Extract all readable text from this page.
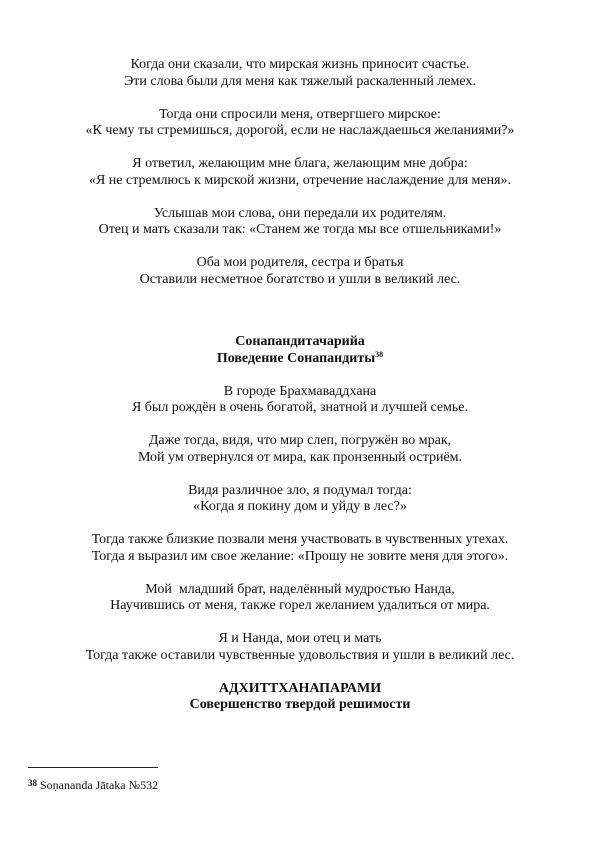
Когда они сказали, что мирская жизнь приносит счастье.
Эти слова были для меня как тяжелый раскаленный лемех.
Тогда они спросили меня, отвергшего мирское:
«К чему ты стремишься, дорогой, если не наслаждаешься желаниями?»
Я ответил, желающим мне блага, желающим мне добра:
«Я не стремлюсь к мирской жизни, отречение наслаждение для меня».
Услышав мои слова, они передали их родителям.
Отец и мать сказали так: «Станем же тогда мы все отшельниками!»
Оба мои родителя, сестра и братья
Оставили несметное богатство и ушли в великий лес.
Сонапандитачарийа
Поведение Сонапандиты$^{38}$
В городе Брахмаваддхана
Я был рождён в очень богатой, знатной и лучшей семье.
Даже тогда, видя, что мир слеп, погружён во мрак,
Мой ум отвернулся от мира, как пронзенный остриём.
Видя различное зло, я подумал тогда:
«Когда я покину дом и уйду в лес?»
Тогда также близкие позвали меня участвовать в чувственных утехах.
Тогда я выразил им свое желание: «Прошу не зовите меня для этого».
Мой  младший брат, наделённый мудростью Нанда,
Научившись от меня, также горел желанием удалиться от мира.
Я и Нанда, мои отец и мать
Тогда также оставили чувственные удовольствия и ушли в великий лес.
АДХИТТХАНАПАРАМИ
Совершенство твердой решимости
$^{38}$ Soṇananda Jātaka №532
